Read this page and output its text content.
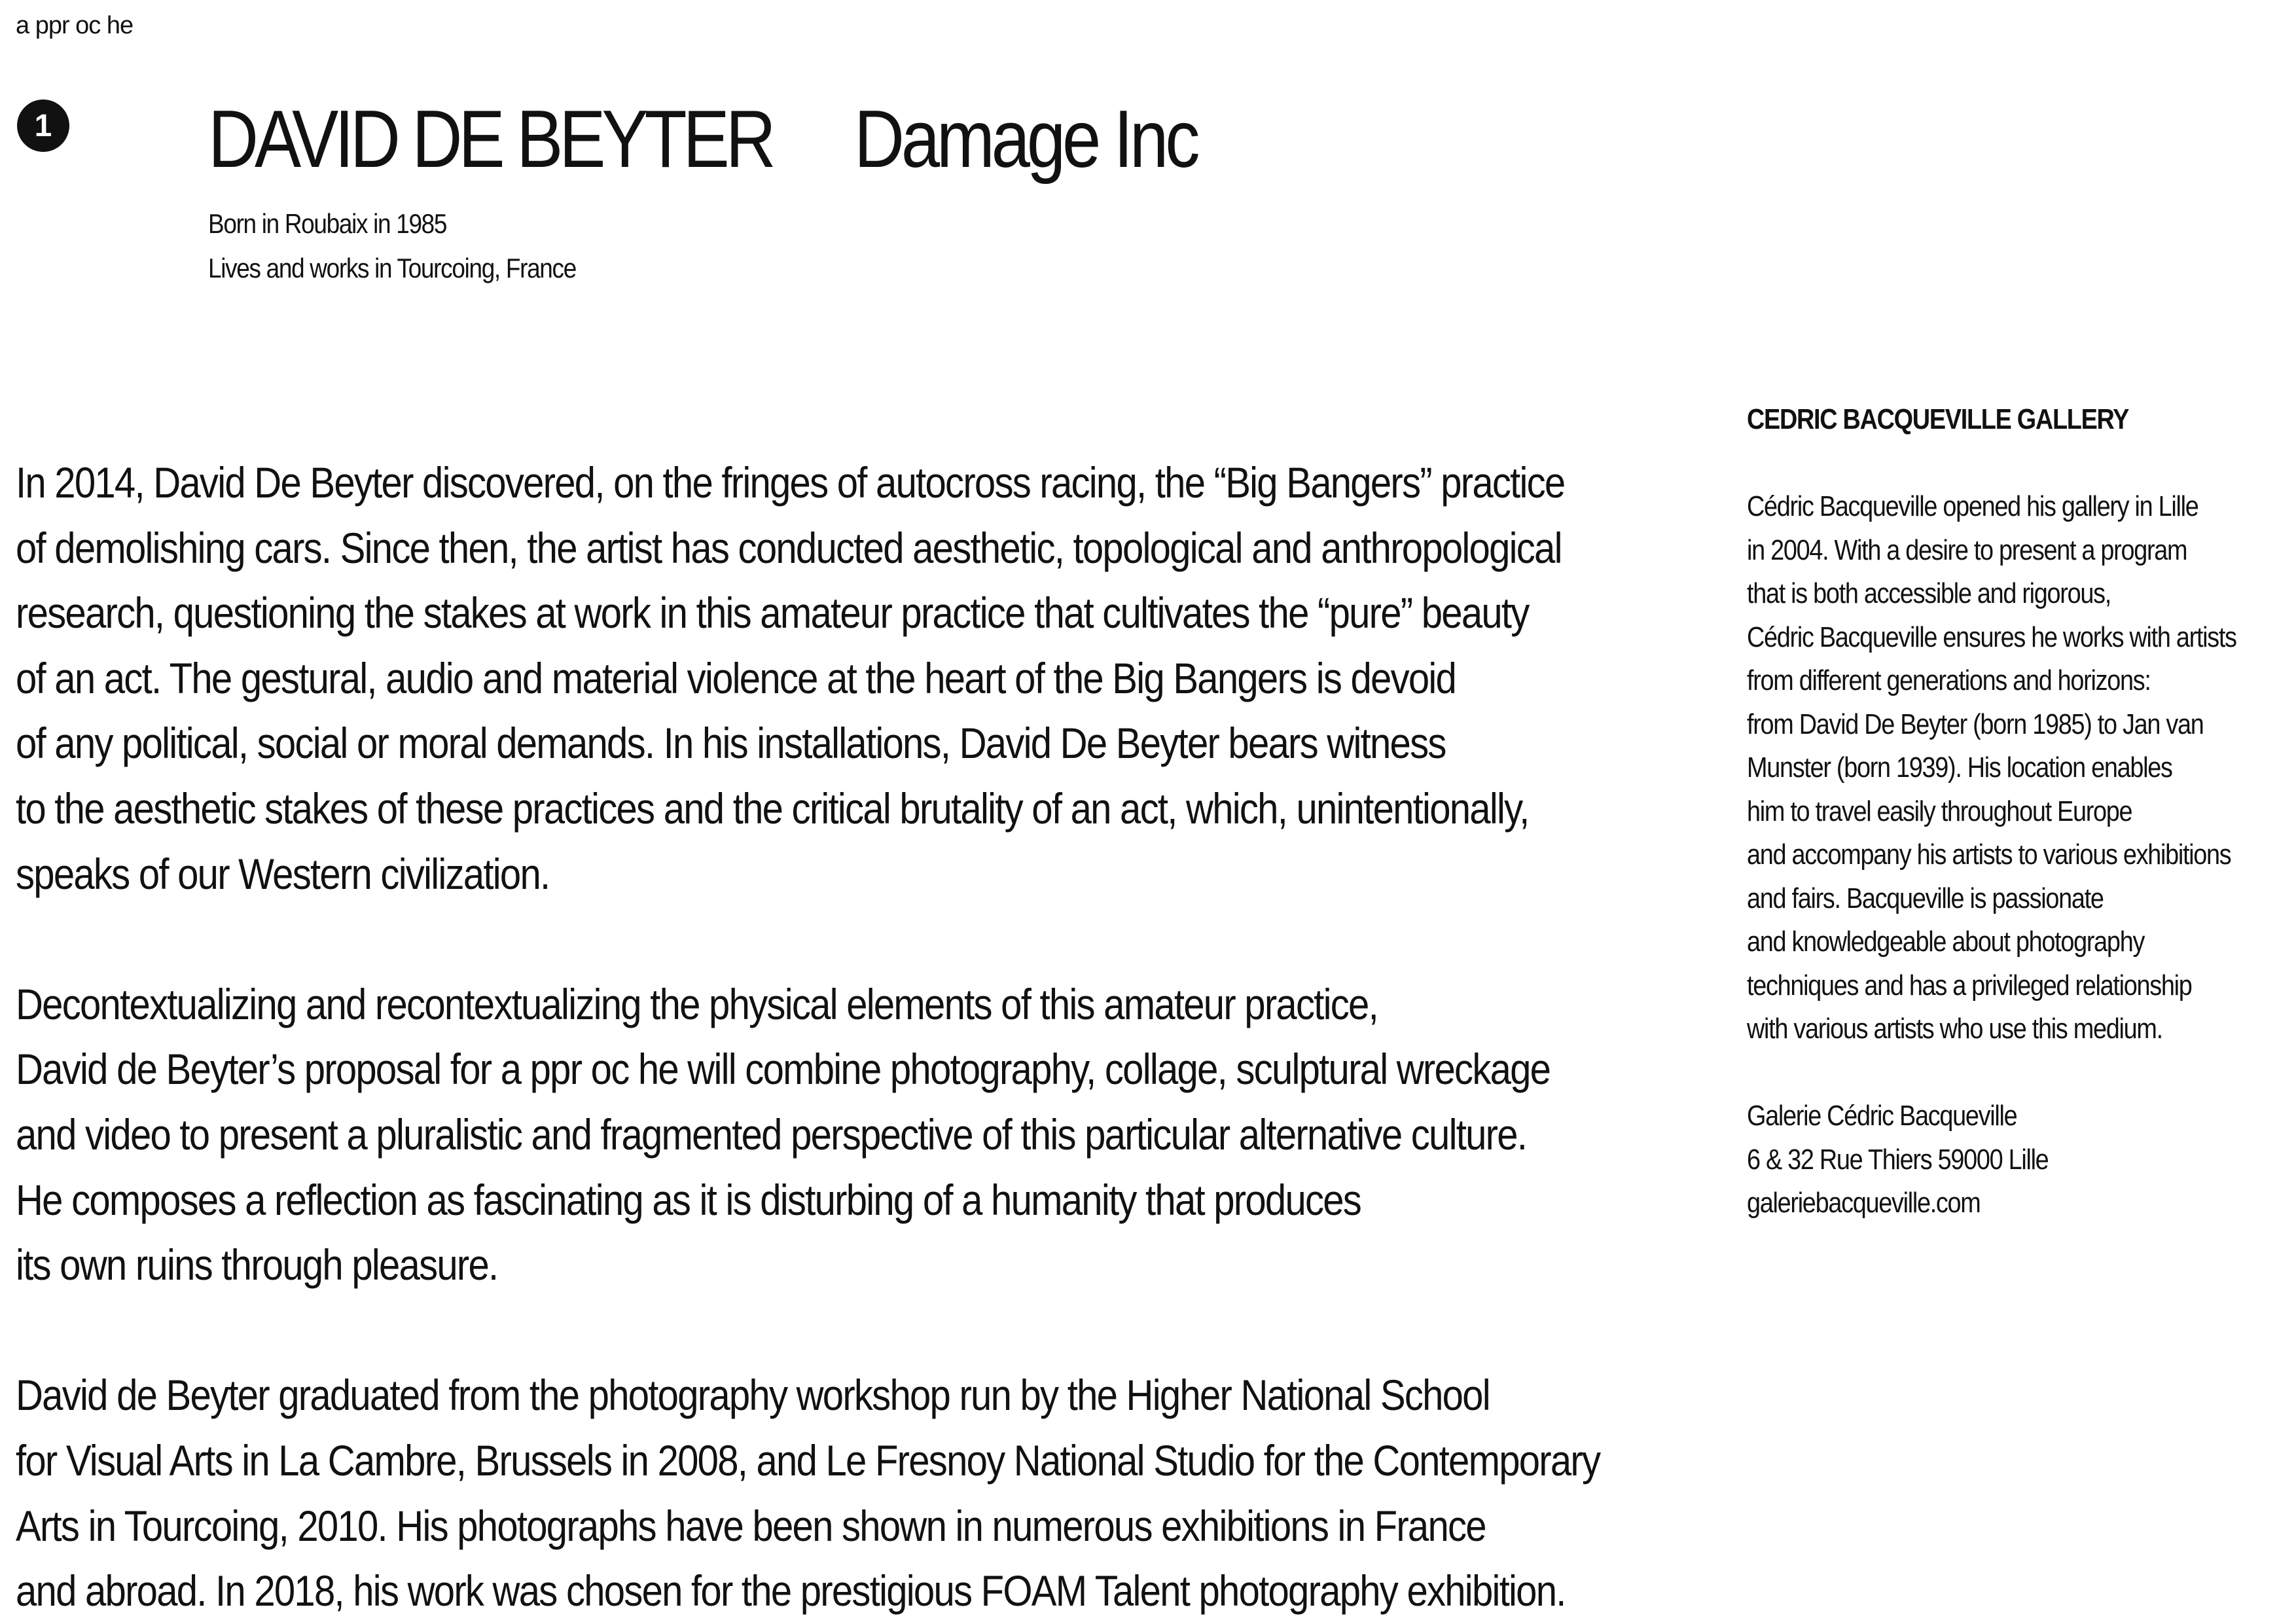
a ppr oc he
1 DAVID DE BEYTER Damage Inc
Born in Roubaix in 1985
Lives and works in Tourcoing, France
In 2014, David De Beyter discovered, on the fringes of autocross racing, the “Big Bangers” practice
of demolishing cars. Since then, the artist has conducted aesthetic, topological and anthropological
research, questioning the stakes at work in this amateur practice that cultivates the “pure” beauty
of an act. The gestural, audio and material violence at the heart of the Big Bangers is devoid
of any political, social or moral demands. In his installations, David De Beyter bears witness
to the aesthetic stakes of these practices and the critical brutality of an act, which, unintentionally,
speaks of our Western civilization.
Decontextualizing and recontextualizing the physical elements of this amateur practice,
David de Beyter’s proposal for a ppr oc he will combine photography, collage, sculptural wreckage
and video to present a pluralistic and fragmented perspective of this particular alternative culture.
He composes a reflection as fascinating as it is disturbing of a humanity that produces
its own ruins through pleasure.
David de Beyter graduated from the photography workshop run by the Higher National School
for Visual Arts in La Cambre, Brussels in 2008, and Le Fresnoy National Studio for the Contemporary
Arts in Tourcoing, 2010. His photographs have been shown in numerous exhibitions in France
and abroad. In 2018, his work was chosen for the prestigious FOAM Talent photography exhibition.
CEDRIC BACQUEVILLE GALLERY
Cédric Bacqueville opened his gallery in Lille
in 2004. With a desire to present a program
that is both accessible and rigorous,
Cédric Bacqueville ensures he works with artists
from different generations and horizons:
from David De Beyter (born 1985) to Jan van
Munster (born 1939). His location enables
him to travel easily throughout Europe
and accompany his artists to various exhibitions
and fairs. Bacqueville is passionate
and knowledgeable about photography
techniques and has a privileged relationship
with various artists who use this medium.
Galerie Cédric Bacqueville
6 & 32 Rue Thiers 59000 Lille
galeriebacqueville.com
